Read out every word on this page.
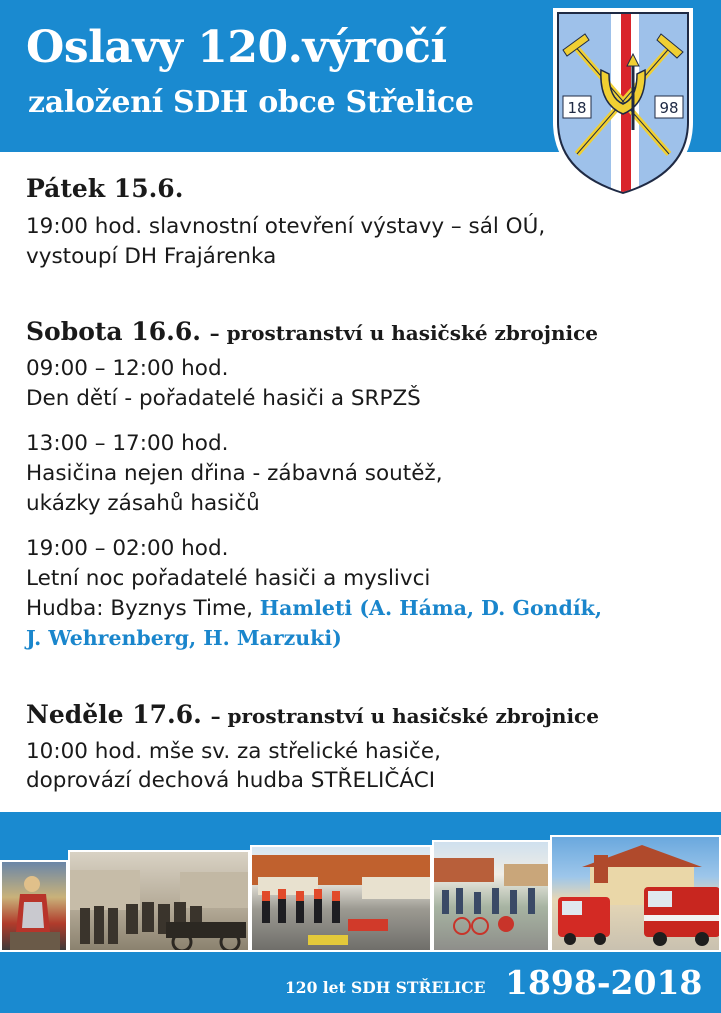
Oslavy 120.výročí
založení SDH obce Střelice	18	98
Pátek 15.6.
19:00 hod. slavnostní otevření výstavy – sál OÚ,
vystoupí DH Frajárenka
Sobota 16.6. – prostranství u hasičské zbrojnice
09:00 – 12:00 hod.
Den dětí - pořadatelé hasiči a SRPZŠ
13:00 – 17:00 hod.
Hasičina nejen dřina - zábavná soutěž,
ukázky zásahů hasičů
19:00 – 02:00 hod.
Letní noc pořadatelé hasiči a myslivci
Hudba: Byznys Time, Hamleti (A. Háma, D. Gondík,
J. Wehrenberg, H. Marzuki)
Neděle 17.6. – prostranství u hasičské zbrojnice
10:00 hod. mše sv. za střelické hasiče,
doprovází dechová hudba STŘELIČÁCI
120 let SDH STŘELICE 1898-2018
